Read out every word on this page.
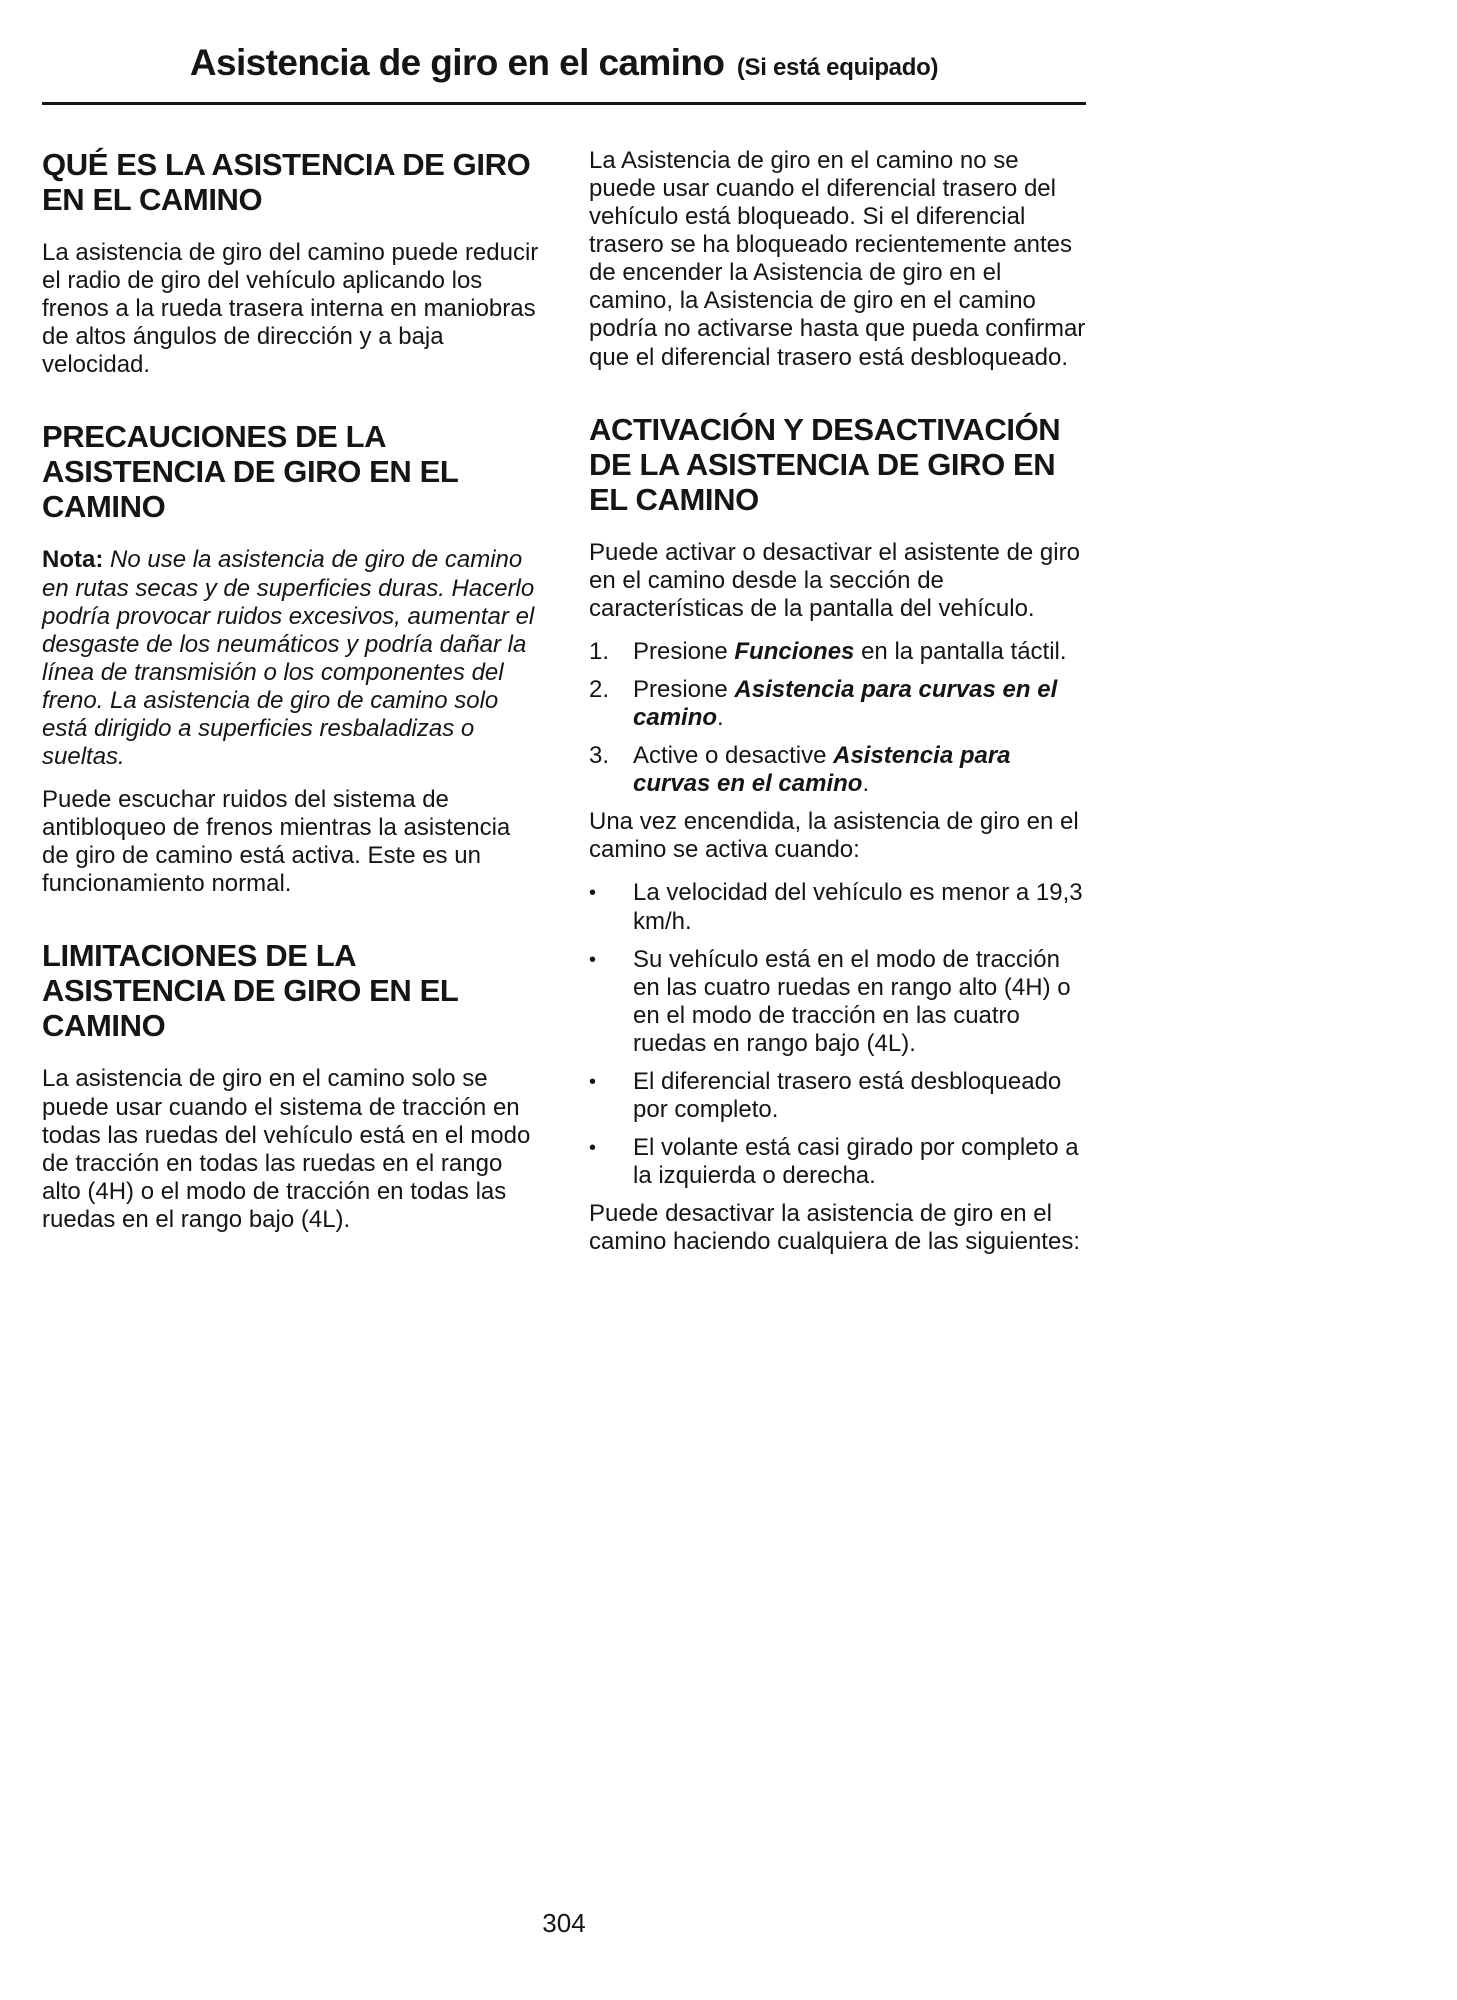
Asistencia de giro en el camino (Si está equipado)
QUÉ ES LA ASISTENCIA DE GIRO EN EL CAMINO

La asistencia de giro del camino puede reducir el radio de giro del vehículo aplicando los frenos a la rueda trasera interna en maniobras de altos ángulos de dirección y a baja velocidad.

PRECAUCIONES DE LA ASISTENCIA DE GIRO EN EL CAMINO

Nota: No use la asistencia de giro de camino en rutas secas y de superficies duras. Hacerlo podría provocar ruidos excesivos, aumentar el desgaste de los neumáticos y podría dañar la línea de transmisión o los componentes del freno. La asistencia de giro de camino solo está dirigido a superficies resbaladizas o sueltas.

Puede escuchar ruidos del sistema de antibloqueo de frenos mientras la asistencia de giro de camino está activa. Este es un funcionamiento normal.

LIMITACIONES DE LA ASISTENCIA DE GIRO EN EL CAMINO

La asistencia de giro en el camino solo se puede usar cuando el sistema de tracción en todas las ruedas del vehículo está en el modo de tracción en todas las ruedas en el rango alto (4H) o el modo de tracción en todas las ruedas en el rango bajo (4L).

La Asistencia de giro en el camino no se puede usar cuando el diferencial trasero del vehículo está bloqueado. Si el diferencial trasero se ha bloqueado recientemente antes de encender la Asistencia de giro en el camino, la Asistencia de giro en el camino podría no activarse hasta que pueda confirmar que el diferencial trasero está desbloqueado.

ACTIVACIÓN Y DESACTIVACIÓN DE LA ASISTENCIA DE GIRO EN EL CAMINO

Puede activar o desactivar el asistente de giro en el camino desde la sección de características de la pantalla del vehículo.

1. Presione Funciones en la pantalla táctil.
2. Presione Asistencia para curvas en el camino.
3. Active o desactive Asistencia para curvas en el camino.

Una vez encendida, la asistencia de giro en el camino se activa cuando:

•	La velocidad del vehículo es menor a 19,3 km/h.
•	Su vehículo está en el modo de tracción en las cuatro ruedas en rango alto (4H) o en el modo de tracción en las cuatro ruedas en rango bajo (4L).
•	El diferencial trasero está desbloqueado por completo.
•	El volante está casi girado por completo a la izquierda o derecha.

Puede desactivar la asistencia de giro en el camino haciendo cualquiera de las siguientes:

304
